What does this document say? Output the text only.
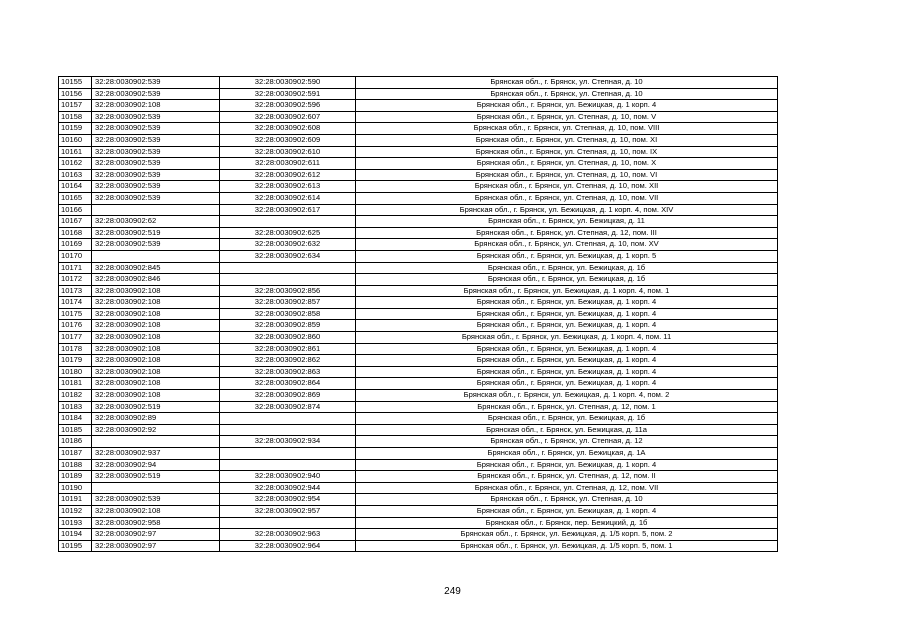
10155	32:28:0030902:539	32:28:0030902:590	Брянская обл., г. Брянск, ул. Степная, д. 10
10156	32:28:0030902:539	32:28:0030902:591	Брянская обл., г. Брянск, ул. Степная, д. 10
10157	32:28:0030902:108	32:28:0030902:596	Брянская обл., г. Брянск, ул. Бежицкая, д. 1 корп. 4
10158	32:28:0030902:539	32:28:0030902:607	Брянская обл., г. Брянск, ул. Степная, д. 10, пом. V
10159	32:28:0030902:539	32:28:0030902:608	Брянская обл., г. Брянск, ул. Степная, д. 10, пом. VIII
10160	32:28:0030902:539	32:28:0030902:609	Брянская обл., г. Брянск, ул. Степная, д. 10, пом. XI
10161	32:28:0030902:539	32:28:0030902:610	Брянская обл., г. Брянск, ул. Степная, д. 10, пом. IX
10162	32:28:0030902:539	32:28:0030902:611	Брянская обл., г. Брянск, ул. Степная, д. 10, пом. X
10163	32:28:0030902:539	32:28:0030902:612	Брянская обл., г. Брянск, ул. Степная, д. 10, пом. VI
10164	32:28:0030902:539	32:28:0030902:613	Брянская обл., г. Брянск, ул. Степная, д. 10, пом. XII
10165	32:28:0030902:539	32:28:0030902:614	Брянская обл., г. Брянск, ул. Степная, д. 10, пом. VII
10166		32:28:0030902:617	Брянская обл., г. Брянск, ул. Бежицкая, д. 1 корп. 4, пом. XIV
10167	32:28:0030902:62		Брянская обл., г. Брянск, ул. Бежицкая, д. 11
10168	32:28:0030902:519	32:28:0030902:625	Брянская обл., г. Брянск, ул. Степная, д. 12, пом. III
10169	32:28:0030902:539	32:28:0030902:632	Брянская обл., г. Брянск, ул. Степная, д. 10, пом. XV
10170		32:28:0030902:634	Брянская обл., г. Брянск, ул. Бежицкая, д. 1 корп. 5
10171	32:28:0030902:845		Брянская обл., г. Брянск, ул. Бежицкая, д. 1б
10172	32:28:0030902:846		Брянская обл., г. Брянск, ул. Бежицкая, д. 1б
10173	32:28:0030902:108	32:28:0030902:856	Брянская обл., г. Брянск, ул. Бежицкая, д. 1 корп. 4, пом. 1
10174	32:28:0030902:108	32:28:0030902:857	Брянская обл., г. Брянск, ул. Бежицкая, д. 1 корп. 4
10175	32:28:0030902:108	32:28:0030902:858	Брянская обл., г. Брянск, ул. Бежицкая, д. 1 корп. 4
10176	32:28:0030902:108	32:28:0030902:859	Брянская обл., г. Брянск, ул. Бежицкая, д. 1 корп. 4
10177	32:28:0030902:108	32:28:0030902:860	Брянская обл., г. Брянск, ул. Бежицкая, д. 1 корп. 4, пом. 11
10178	32:28:0030902:108	32:28:0030902:861	Брянская обл., г. Брянск, ул. Бежицкая, д. 1 корп. 4
10179	32:28:0030902:108	32:28:0030902:862	Брянская обл., г. Брянск, ул. Бежицкая, д. 1 корп. 4
10180	32:28:0030902:108	32:28:0030902:863	Брянская обл., г. Брянск, ул. Бежицкая, д. 1 корп. 4
10181	32:28:0030902:108	32:28:0030902:864	Брянская обл., г. Брянск, ул. Бежицкая, д. 1 корп. 4
10182	32:28:0030902:108	32:28:0030902:869	Брянская обл., г. Брянск, ул. Бежицкая, д. 1 корп. 4, пом. 2
10183	32:28:0030902:519	32:28:0030902:874	Брянская обл., г. Брянск, ул. Степная, д. 12, пом. 1
10184	32:28:0030902:89		Брянская обл., г. Брянск, ул. Бежицкая, д. 1б
10185	32:28:0030902:92		Брянская обл., г. Брянск, ул. Бежицкая, д. 11а
10186		32:28:0030902:934	Брянская обл., г. Брянск, ул. Степная, д. 12
10187	32:28:0030902:937		Брянская обл., г. Брянск, ул. Бежицкая, д. 1А
10188	32:28:0030902:94		Брянская обл., г. Брянск, ул. Бежицкая, д. 1 корп. 4
10189	32:28:0030902:519	32:28:0030902:940	Брянская обл., г. Брянск, ул. Степная, д. 12, пом. II
10190		32:28:0030902:944	Брянская обл., г. Брянск, ул. Степная, д. 12, пом. VII
10191	32:28:0030902:539	32:28:0030902:954	Брянская обл., г. Брянск, ул. Степная, д. 10
10192	32:28:0030902:108	32:28:0030902:957	Брянская обл., г. Брянск, ул. Бежицкая, д. 1 корп. 4
10193	32:28:0030902:958		Брянская обл., г. Брянск, пер. Бежицкий, д. 1б
10194	32:28:0030902:97	32:28:0030902:963	Брянская обл., г. Брянск, ул. Бежицкая, д. 1/5 корп. 5, пом. 2
10195	32:28:0030902:97	32:28:0030902:964	Брянская обл., г. Брянск, ул. Бежицкая, д. 1/5 корп. 5, пом. 1
249
